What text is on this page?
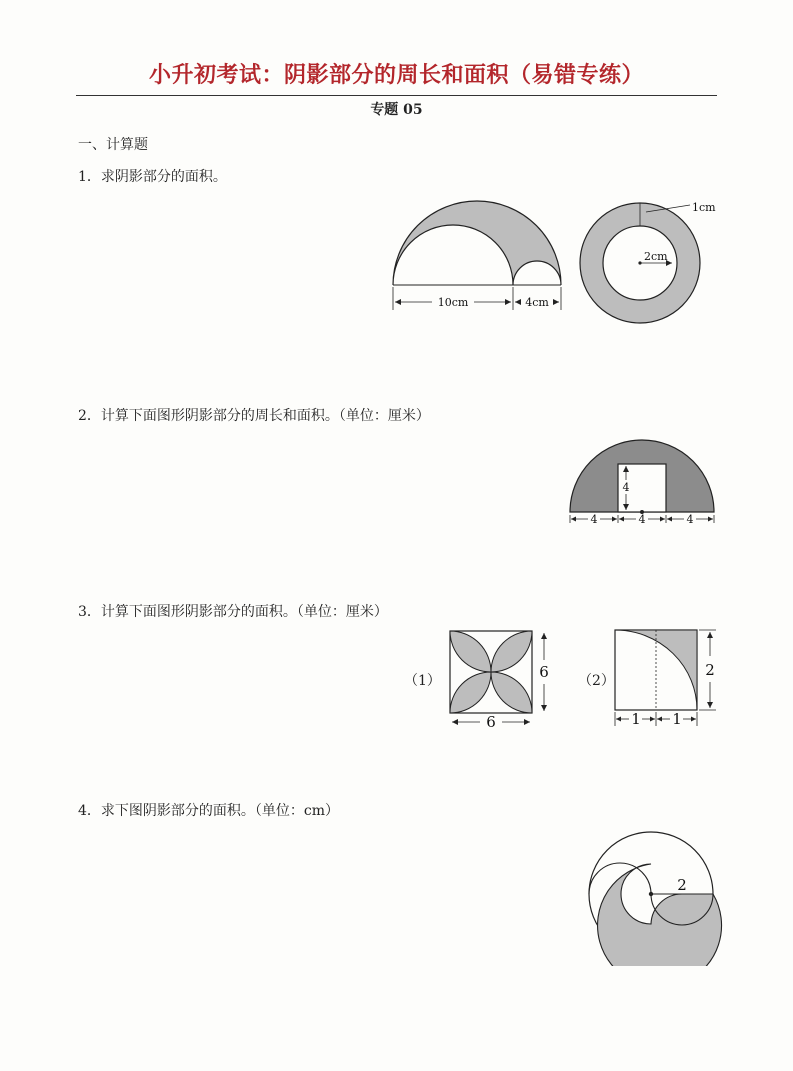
小升初考试：阴影部分的周长和面积（易错专练）
专题 05
一、计算题
1．求阴影部分的面积。
2．计算下面图形阴影部分的周长和面积。（单位：厘米）
3．计算下面图形阴影部分的面积。（单位：厘米）
4．求下图阴影部分的面积。（单位：cm）
10cm	4cm
1cm
2cm
4
4	4	4
（1）	6
6
（2）
2
1 1
2
